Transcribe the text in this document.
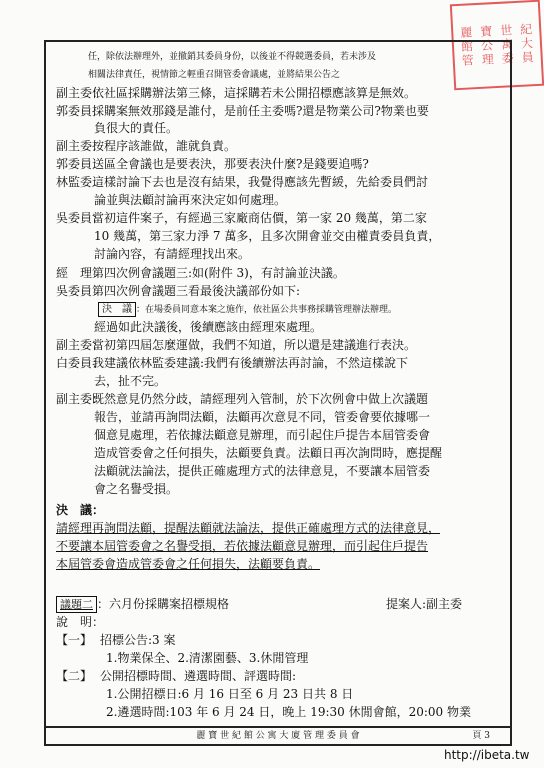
麗 寶 世 紀
館 公 寓 大
管 理 委 員
任，除依法辦理外，並撤銷其委員身份，以後並不得競選委員，若未涉及
相關法律責任，視情節之輕重召開管委會議處，並將結果公告之
副主委：依社區採購辦法第三條，這採購若未公開招標應該算是無效。
郭委員：採購案無效那錢是誰付，是前任主委嗎?還是物業公司?物業也要
負很大的責任。
副主委：按程序該誰做，誰就負責。
郭委員：送區全會議也是要表決，那要表決什麼?是錢要追嗎?
林監委：這樣討論下去也是沒有結果，我覺得應該先暫緩，先給委員們討
論並與法顧討論再來決定如何處理。
吳委員：當初這件案子，有經過三家廠商估價，第一家 20 幾萬，第二家
10 幾萬，第三家力淨 7 萬多，且多次開會並交由權責委員負責，
討論內容，有請經理找出來。
經　理：第四次例會議題三:如(附件 3)，有討論並決議。
吳委員：第四次例會議題三看最後決議部份如下:
決　議 ：在場委員同意本案之施作，依社區公共事務採購管理辦法辦理。
經過如此決議後，後續應該由經理來處理。
副主委：當初第四屆怎麼運做，我們不知道，所以還是建議進行表決。
白委員：我建議依林監委建議:我們有後續辦法再討論，不然這樣說下
去，扯不完。
副主委：既然意見仍然分歧，請經理列入管制，於下次例會中做上次議題
報告，並請再詢問法顧，法顧再次意見不同，管委會要依據哪一
個意見處理，若依據法顧意見辦理，而引起住戶提告本屆管委會
造成管委會之任何損失，法顧要負責。法顧日再次詢問時，應提醒
法顧就法論法，提供正確處理方式的法律意見，不要讓本屆管委
會之名譽受損。
決　議：
請經理再詢問法顧，提醒法顧就法論法，提供正確處理方式的法律意見，
不要讓本屆管委會之名譽受損，若依據法顧意見辦理，而引起住戶提告
本屆管委會造成管委會之任何損失，法顧要負責。
議題二 ：六月份採購案招標規格	提案人:副主委
說　明：
【一】 招標公告:3 案
1.物業保全、2.清潔園藝、3.休閒管理
【二】 公開招標時間、遴選時間、評選時間:
1.公開招標日:6 月 16 日至 6 月 23 日共 8 日
2.遴選時間:103 年 6 月 24 日，晚上 19:30 休閒會館，20:00 物業
麗 寶 世 紀 館 公 寓 大 廈 管 理 委 員 會	頁 3
http://ibeta.tw
